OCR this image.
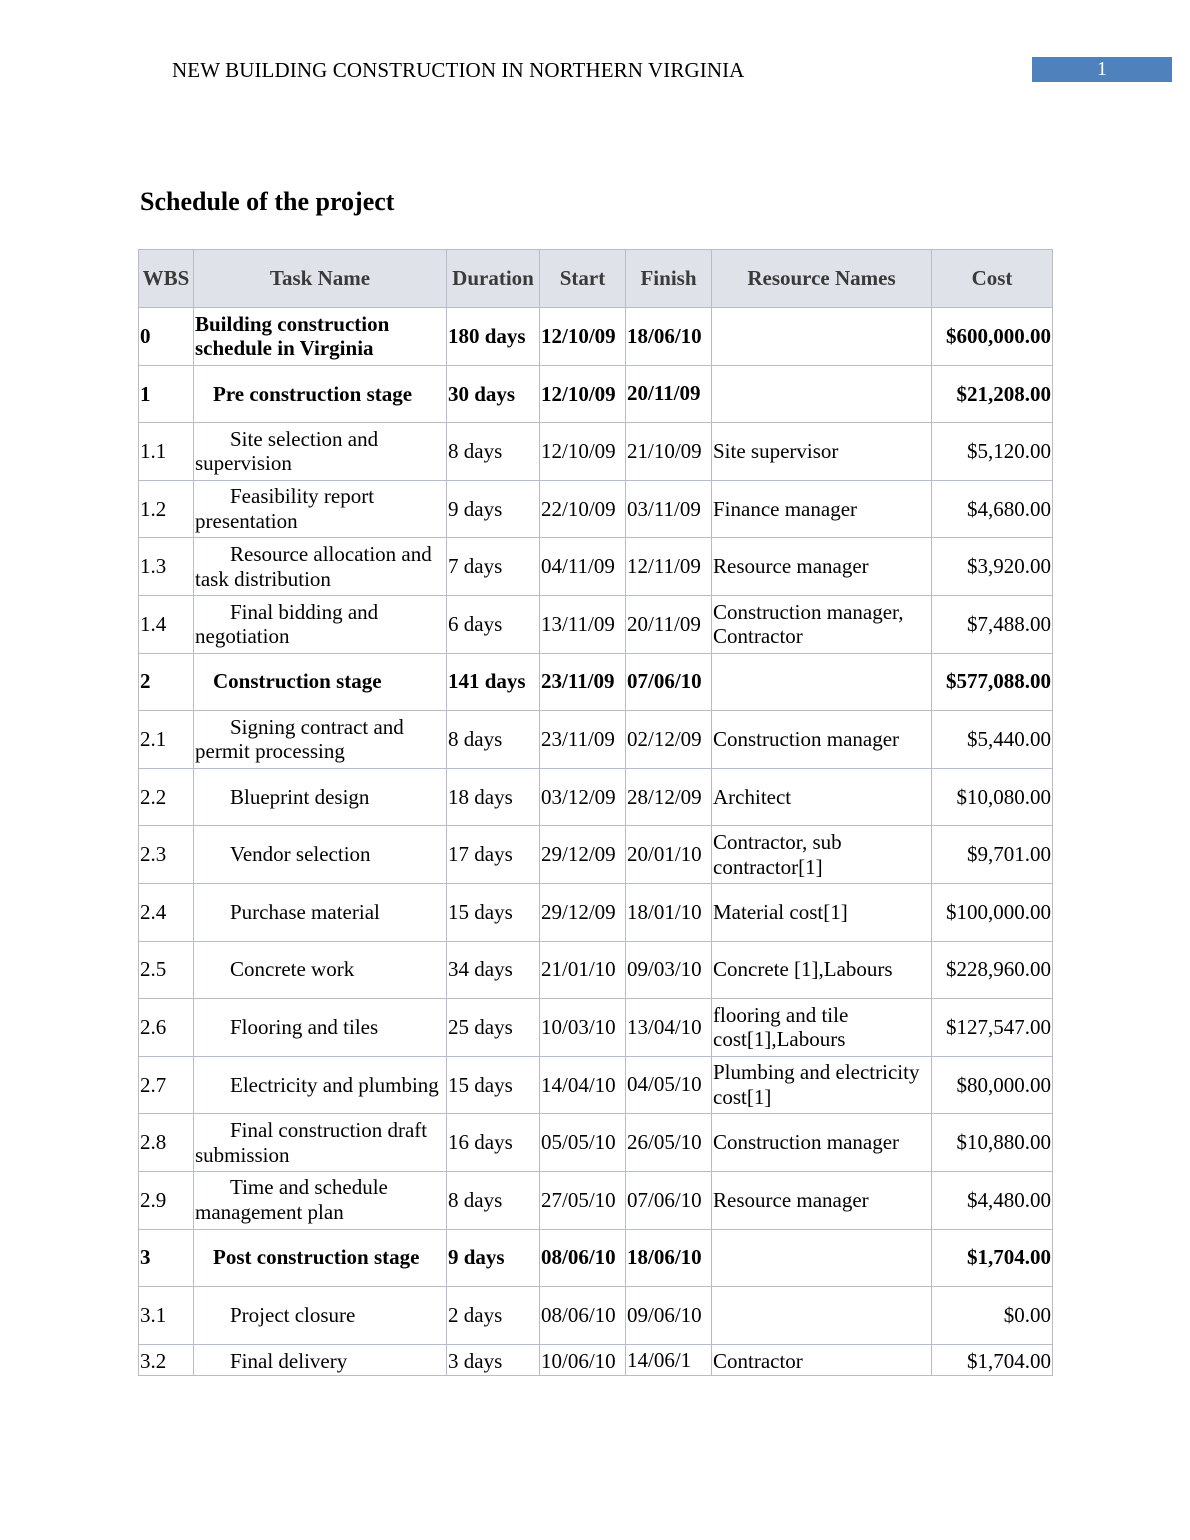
NEW BUILDING CONSTRUCTION IN NORTHERN VIRGINIA	1
Schedule of the project
WBS	Task Name	Duration	Start	Finish	Resource Names	Cost
0	Building construction schedule in Virginia	180 days	12/10/09	18/06/10		$600,000.00
1	Pre construction stage	30 days	12/10/09	20/11/09		$21,208.00
1.1	Site selection and supervision	8 days	12/10/09	21/10/09	Site supervisor	$5,120.00
1.2	Feasibility report presentation	9 days	22/10/09	03/11/09	Finance manager	$4,680.00
1.3	Resource allocation and task distribution	7 days	04/11/09	12/11/09	Resource manager	$3,920.00
1.4	Final bidding and negotiation	6 days	13/11/09	20/11/09	Construction manager, Contractor	$7,488.00
2	Construction stage	141 days	23/11/09	07/06/10		$577,088.00
2.1	Signing contract and permit processing	8 days	23/11/09	02/12/09	Construction manager	$5,440.00
2.2	Blueprint design	18 days	03/12/09	28/12/09	Architect	$10,080.00
2.3	Vendor selection	17 days	29/12/09	20/01/10	Contractor, sub contractor[1]	$9,701.00
2.4	Purchase material	15 days	29/12/09	18/01/10	Material cost[1]	$100,000.00
2.5	Concrete work	34 days	21/01/10	09/03/10	Concrete [1],Labours	$228,960.00
2.6	Flooring and tiles	25 days	10/03/10	13/04/10	flooring and tile cost[1],Labours	$127,547.00
2.7	Electricity and plumbing	15 days	14/04/10	04/05/10	Plumbing and electricity cost[1]	$80,000.00
2.8	Final construction draft submission	16 days	05/05/10	26/05/10	Construction manager	$10,880.00
2.9	Time and schedule management plan	8 days	27/05/10	07/06/10	Resource manager	$4,480.00
3	Post construction stage	9 days	08/06/10	18/06/10		$1,704.00
3.1	Project closure	2 days	08/06/10	09/06/10		$0.00
3.2	Final delivery	3 days	10/06/10	14/06/1	Contractor	$1,704.00
